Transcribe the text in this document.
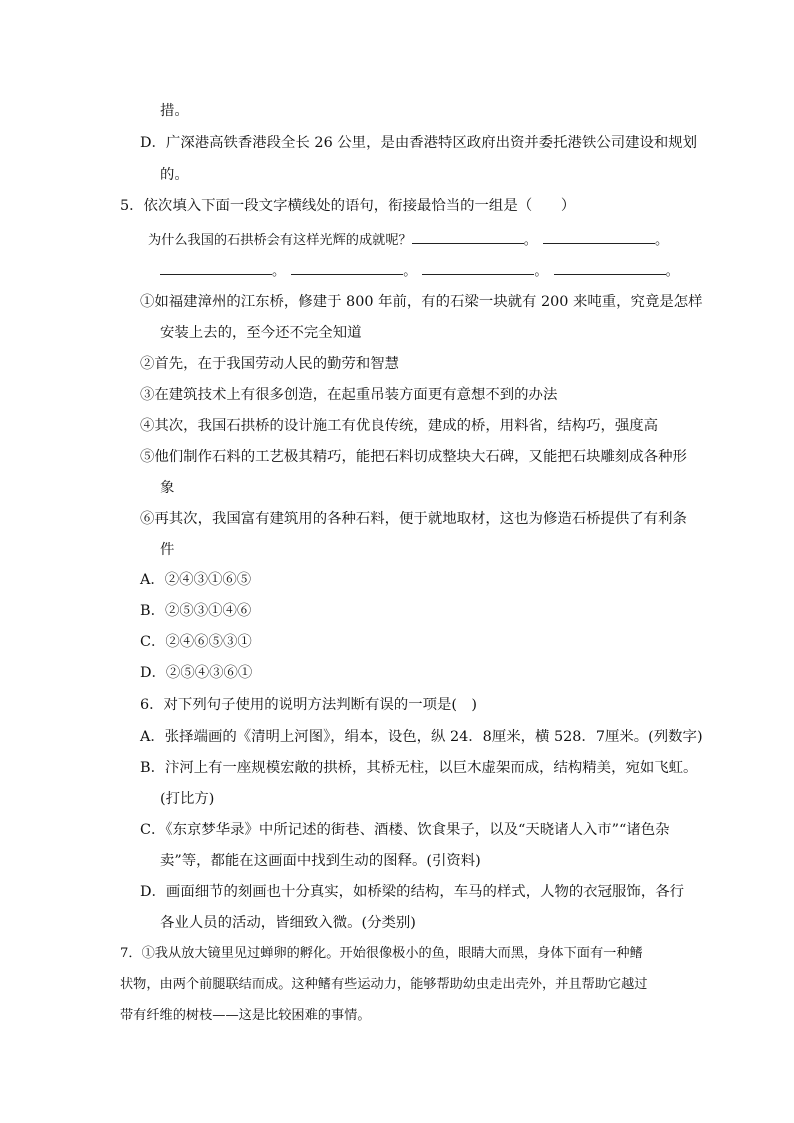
措。
D．广深港高铁香港段全长 26 公里，是由香港特区政府出资并委托港铁公司建设和规划
的。
5．依次填入下面一段文字横线处的语句，衔接最恰当的一组是（　　）
为什么我国的石拱桥会有这样光辉的成就呢？	。	。
。	。	。	。
①如福建漳州的江东桥，修建于 800 年前，有的石梁一块就有 200 来吨重，究竟是怎样
安装上去的，至今还不完全知道
②首先，在于我国劳动人民的勤劳和智慧
③在建筑技术上有很多创造，在起重吊装方面更有意想不到的办法
④其次，我国石拱桥的设计施工有优良传统，建成的桥，用料省，结构巧，强度高
⑤他们制作石料的工艺极其精巧，能把石料切成整块大石碑，又能把石块雕刻成各种形
象
⑥再其次，我国富有建筑用的各种石料，便于就地取材，这也为修造石桥提供了有利条
件
A．②④③①⑥⑤
B．②⑤③①④⑥
C．②④⑥⑤③①
D．②⑤④③⑥①
6．对下列句子使用的说明方法判断有误的一项是(　)
A．张择端画的《清明上河图》，绢本，设色，纵 24．8厘米，横 528．7厘米。(列数字)
B．汴河上有一座规模宏敞的拱桥，其桥无柱，以巨木虚架而成，结构精美，宛如飞虹。
(打比方)
C．《东京梦华录》中所记述的街巷、酒楼、饮食果子，以及“天晓诸人入市”“诸色杂
卖”等，都能在这画面中找到生动的图释。(引资料)
D．画面细节的刻画也十分真实，如桥梁的结构，车马的样式，人物的衣冠服饰，各行
各业人员的活动，皆细致入微。(分类别)
7．①我从放大镜里见过蝉卵的孵化。开始很像极小的鱼，眼睛大而黑，身体下面有一种鳍
状物，由两个前腿联结而成。这种鳍有些运动力，能够帮助幼虫走出壳外，并且帮助它越过
带有纤维的树枝——这是比较困难的事情。
